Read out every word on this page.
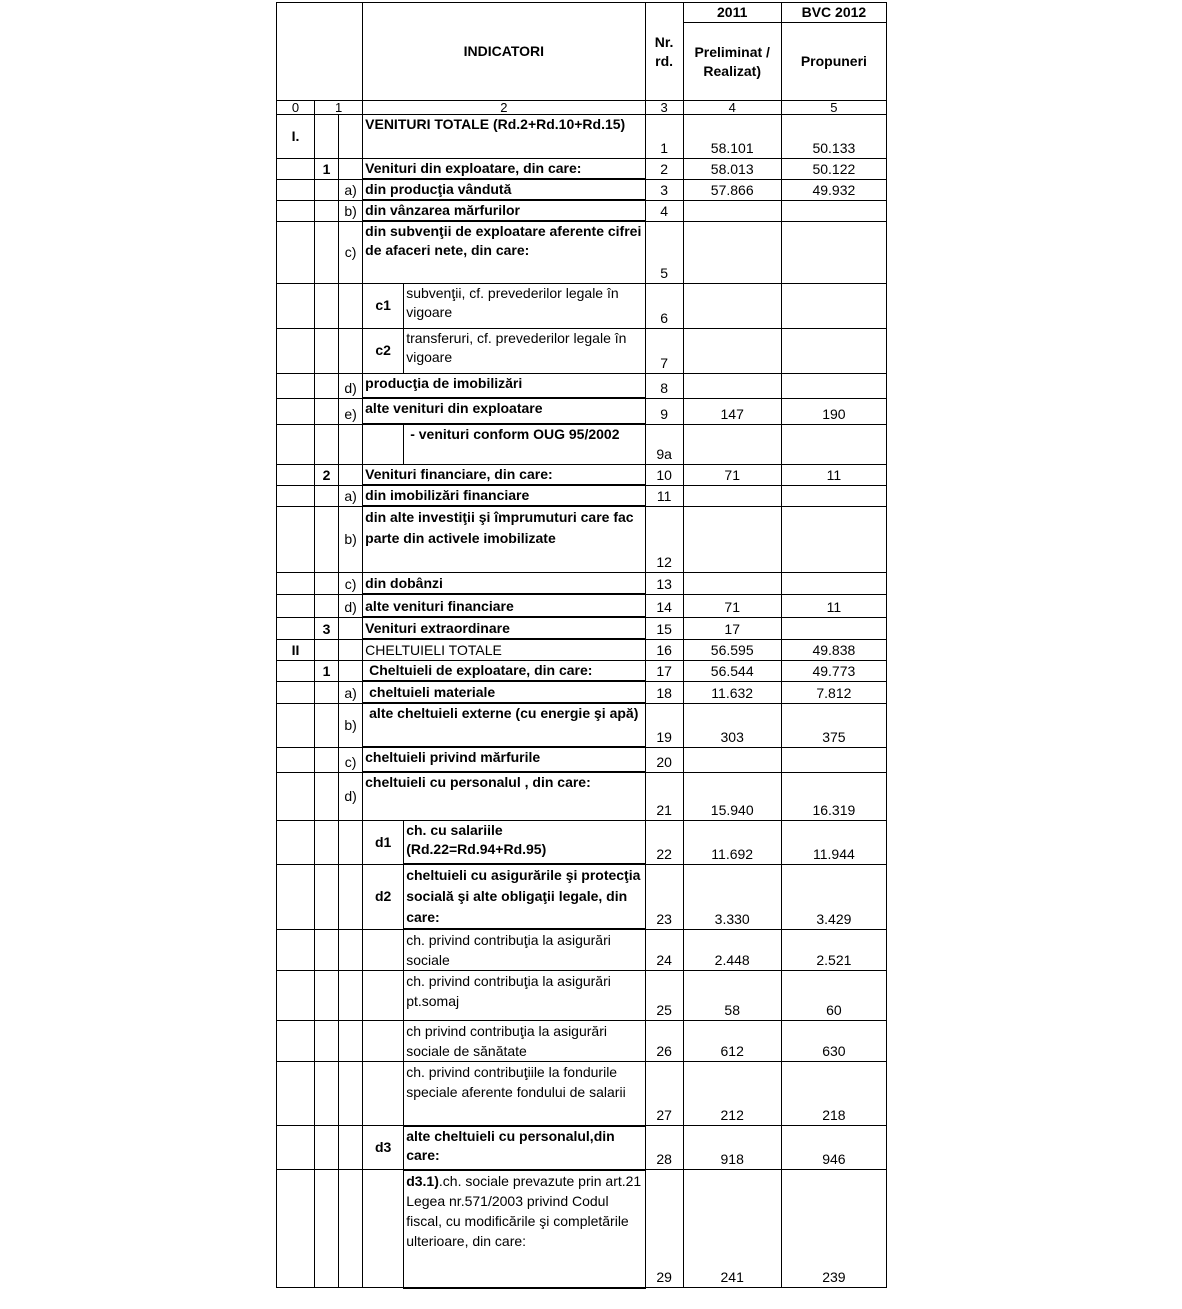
			INDICATORI		Nr. rd.	2011	BVC 2012
						Preliminat / Realizat)	Propuneri
0	1		2		3	4	5
I.			VENITURI TOTALE (Rd.2+Rd.10+Rd.15)		1	58.101	50.133
	1		Venituri din exploatare, din care:		2	58.013	50.122
		a)	din producţia vândută		3	57.866	49.932
		b)	din vânzarea mărfurilor		4		
		c)	din subvenţii de exploatare aferente cifrei de afaceri nete, din care:		5		
			c1	subvenţii, cf. prevederilor legale în vigoare	6		
			c2	transferuri, cf. prevederilor legale în vigoare	7		
		d)	producţia de imobilizări		8		
		e)	alte venituri din exploatare		9	147	190
				- venituri conform OUG 95/2002	9a		
	2		Venituri financiare, din care:		10	71	11
		a)	din imobilizări financiare		11		
		b)	din alte investiţii şi împrumuturi care fac parte din activele imobilizate		12		
		c)	din dobânzi		13		
		d)	alte venituri financiare		14	71	11
	3		Venituri extraordinare		15	17	
II			CHELTUIELI TOTALE		16	56.595	49.838
	1		Cheltuieli de exploatare, din care:		17	56.544	49.773
		a)	cheltuieli materiale		18	11.632	7.812
		b)	alte cheltuieli externe (cu energie şi apă)		19	303	375
		c)	cheltuieli privind mărfurile		20		
		d)	cheltuieli cu personalul , din care:		21	15.940	16.319
			d1	ch. cu salariile (Rd.22=Rd.94+Rd.95)	22	11.692	11.944
			d2	cheltuieli cu asigurările şi protecţia socială şi alte obligaţii legale, din care:	23	3.330	3.429
				ch. privind contribuţia la asigurări sociale	24	2.448	2.521
				ch. privind contribuţia la asigurări pt.somaj	25	58	60
				ch privind contribuţia la asigurări sociale de sănătate	26	612	630
				ch. privind contribuţiile la fondurile speciale aferente fondului de salarii	27	212	218
			d3	alte cheltuieli cu personalul,din care:	28	918	946
				d3.1).ch. sociale prevazute prin art.21 Legea nr.571/2003 privind Codul fiscal, cu modificările şi completările ulterioare, din care:	29	241	239
